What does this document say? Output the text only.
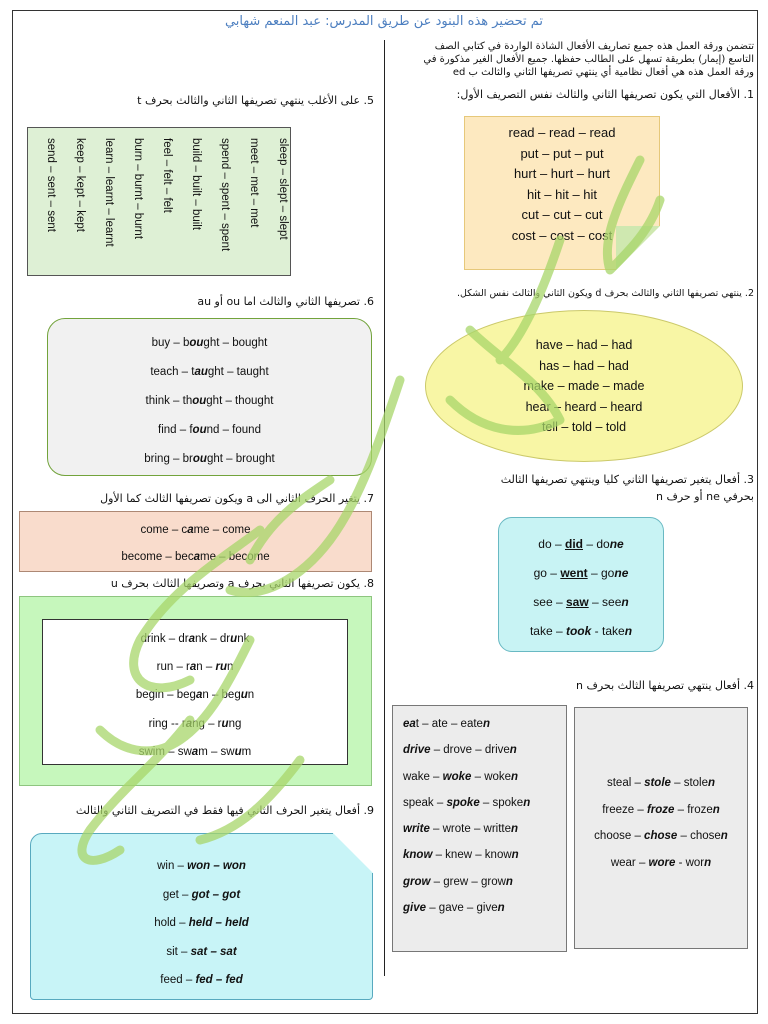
تم تحضير هذه البنود عن طريق المدرس: عبد المنعم شهابي
تتضمن ورقة العمل هذه جميع تصاريف الأفعال الشاذة الواردة في كتابي الصف
التاسع (إيمار) بطريقة تسهل على الطالب حفظها. جميع الأفعال الغير مذكورة في
ورقة العمل هذه هي أفعال نظامية أي ينتهي تصريفها الثاني والثالث ب ed
1. الأفعال التي يكون تصريفها الثاني والثالث نفس التصريف الأول:
read – read – read
put – put – put
hurt – hurt – hurt
hit – hit – hit
cut – cut – cut
cost – cost – cost
2. ينتهي تصريفها الثاني والثالث بحرف d ويكون الثاني والثالث نفس الشكل.
have – had – had
has – had – had
make – made – made
hear – heard – heard
tell – told – told
3. أفعال يتغير تصريفها الثاني كليا وينتهي تصريفها الثالث
بحرفي ne أو حرف n
do – did – done
go – went – gone
see – saw – seen
take – took - taken
4. أفعال ينتهي تصريفها الثالث بحرف n
eat – ate – eaten
drive – drove – driven
wake – woke – woken
speak – spoke – spoken
write – wrote – written
know – knew – known
grow – grew – grown
give – gave – given
steal – stole – stolen
freeze – froze – frozen
choose – chose – chosen
wear – wore - worn
5. على الأغلب ينتهي تصريفها الثاني والثالث بحرف t
sleep – slept – slept
meet – met – met
spend – spent – spent
build – built – built
feel – felt – felt
burn – burnt – burnt
learn – learnt – learnt
keep – kept – kept
send – sent – sent
6. تصريفها الثاني والثالث اما ou أو au
buy – bought – bought
teach – taught – taught
think – thought – thought
find – found – found
bring – brought – brought
7. يتغير الحرف الثاني الى a ويكون تصريفها الثالث كما الأول
come – came – come
become – became – become
8. يكون تصريفها الثاني بحرف a وتصريفها الثالث بحرف u
drink – drank – drunk
run – ran – run
begin – began – begun
ring -- rang – rung
swim – swam – swum
9. أفعال يتغير الحرف الثاني فيها فقط في التصريف الثاني والثالث
win – won – won
get – got – got
hold – held – held
sit – sat – sat
feed – fed – fed
